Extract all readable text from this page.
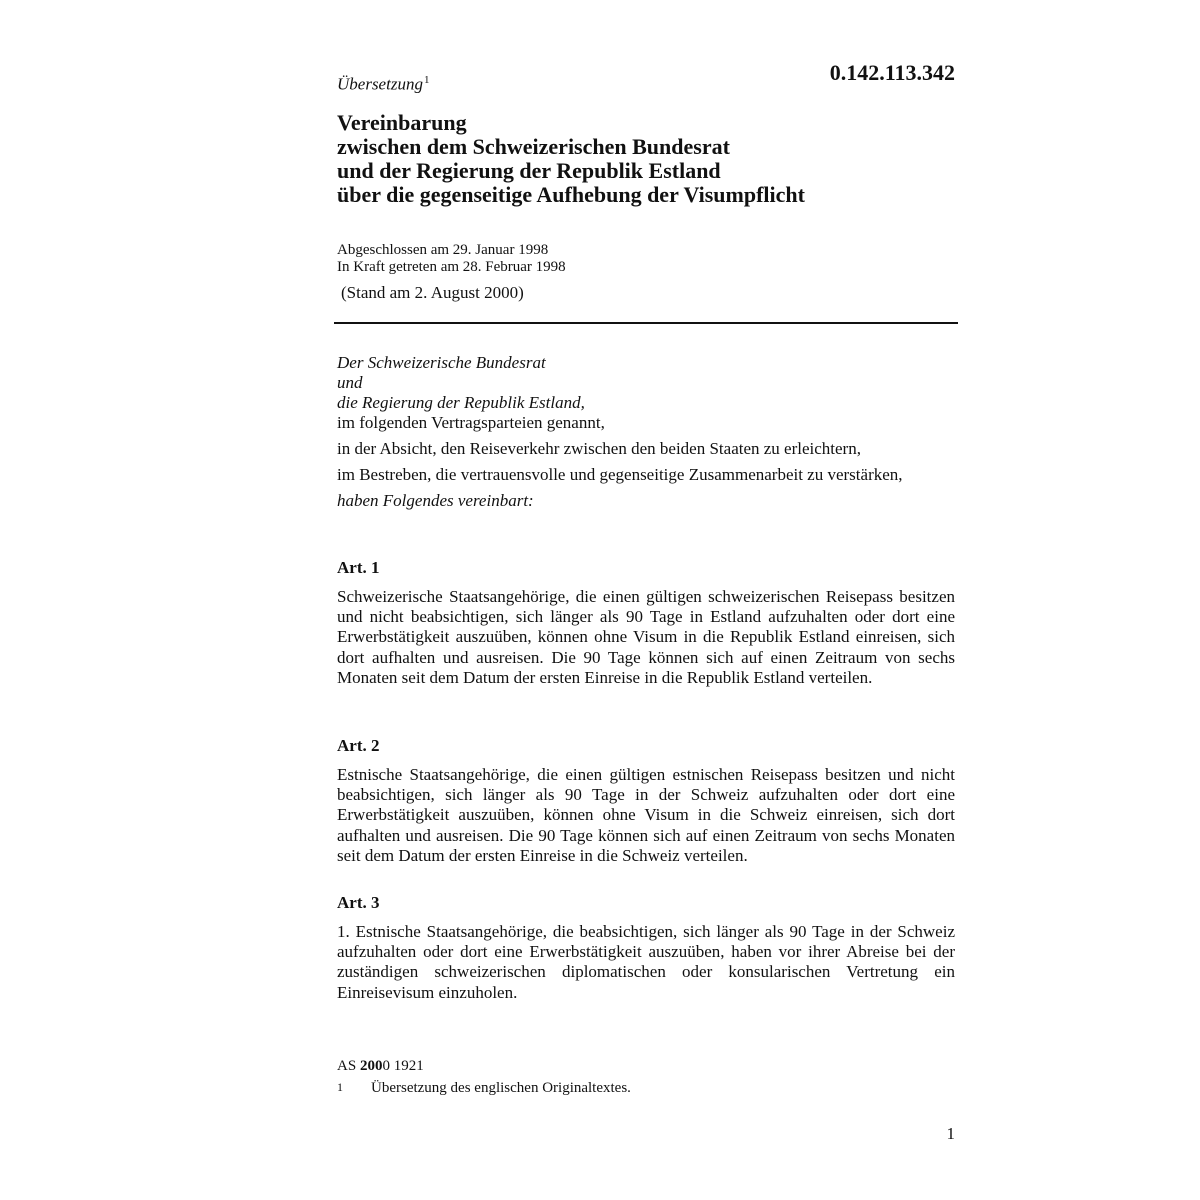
Übersetzung$^1$	0.142.113.342
Vereinbarung
zwischen dem Schweizerischen Bundesrat
und der Regierung der Republik Estland
über die gegenseitige Aufhebung der Visumpflicht
Abgeschlossen am 29. Januar 1998
In Kraft getreten am 28. Februar 1998
(Stand am 2. August 2000)
Der Schweizerische Bundesrat
und
die Regierung der Republik Estland,
im folgenden Vertragsparteien genannt,
in der Absicht, den Reiseverkehr zwischen den beiden Staaten zu erleichtern,
im Bestreben, die vertrauensvolle und gegenseitige Zusammenarbeit zu verstärken,
haben Folgendes vereinbart:
Art. 1
Schweizerische Staatsangehörige, die einen gültigen schweizerischen Reisepass besitzen und nicht beabsichtigen, sich länger als 90 Tage in Estland aufzuhalten oder dort eine Erwerbstätigkeit auszuüben, können ohne Visum in die Republik Estland einreisen, sich dort aufhalten und ausreisen. Die 90 Tage können sich auf einen Zeitraum von sechs Monaten seit dem Datum der ersten Einreise in die Republik Estland verteilen.
Art. 2
Estnische Staatsangehörige, die einen gültigen estnischen Reisepass besitzen und nicht beabsichtigen, sich länger als 90 Tage in der Schweiz aufzuhalten oder dort eine Erwerbstätigkeit auszuüben, können ohne Visum in die Schweiz einreisen, sich dort aufhalten und ausreisen. Die 90 Tage können sich auf einen Zeitraum von sechs Monaten seit dem Datum der ersten Einreise in die Schweiz verteilen.
Art. 3
1. Estnische Staatsangehörige, die beabsichtigen, sich länger als 90 Tage in der Schweiz aufzuhalten oder dort eine Erwerbstätigkeit auszuüben, haben vor ihrer Abreise bei der zuständigen schweizerischen diplomatischen oder konsularischen Vertretung ein Einreisevisum einzuholen.
AS 2000 1921
1 Übersetzung des englischen Originaltextes.
1
